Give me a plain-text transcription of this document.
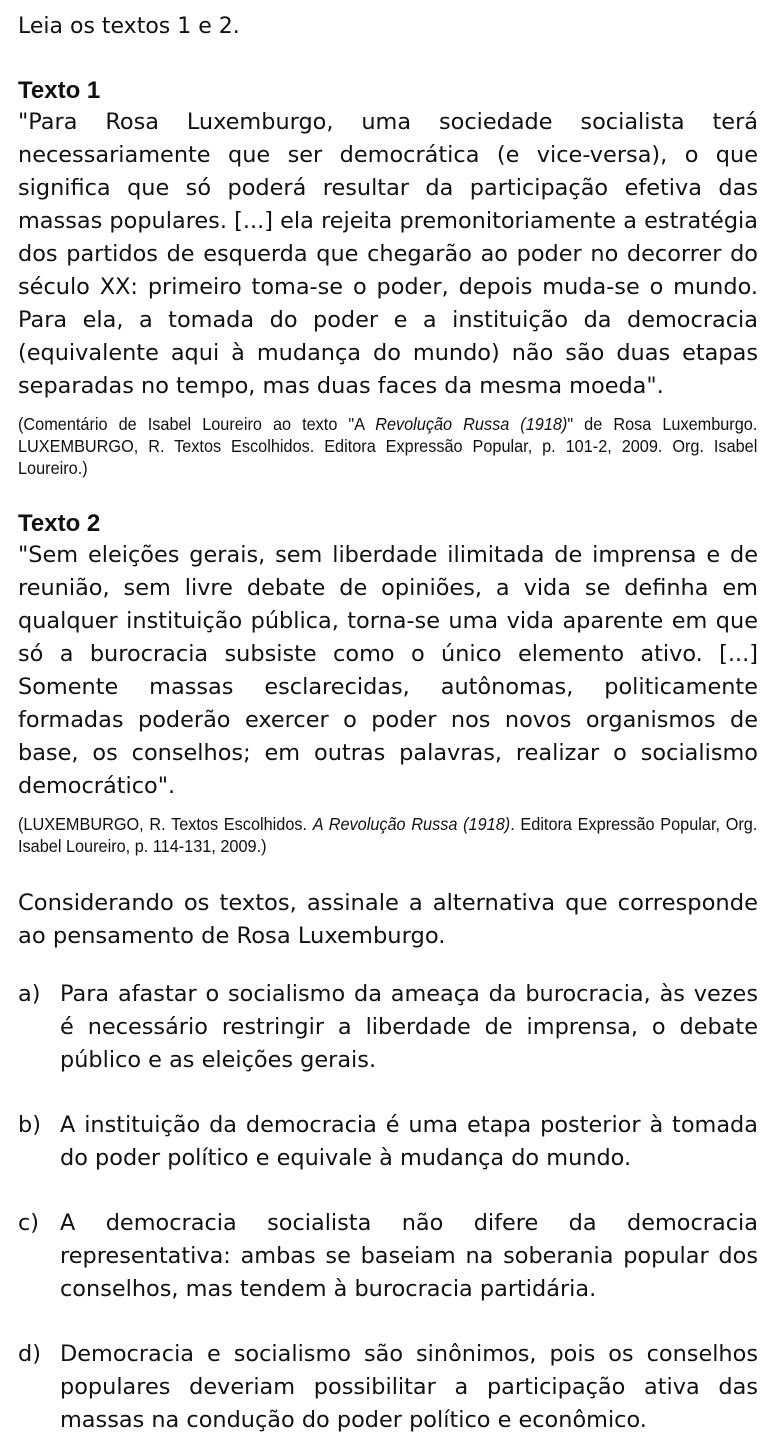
Leia os textos 1 e 2.

Texto 1

"Para Rosa Luxemburgo, uma sociedade socialista terá necessariamente que ser democrática (e vice-versa), o que significa que só poderá resultar da participação efetiva das massas populares. [...] ela rejeita premonitoriamente a estratégia dos partidos de esquerda que chegarão ao poder no decorrer do século XX: primeiro toma-se o poder, depois muda-se o mundo. Para ela, a tomada do poder e a instituição da democracia (equivalente aqui à mudança do mundo) não são duas etapas separadas no tempo, mas duas faces da mesma moeda".

(Comentário de Isabel Loureiro ao texto "A Revolução Russa (1918)" de Rosa Luxemburgo. LUXEMBURGO, R. Textos Escolhidos. Editora Expressão Popular, p. 101-2, 2009. Org. Isabel Loureiro.)

Texto 2

"Sem eleições gerais, sem liberdade ilimitada de imprensa e de reunião, sem livre debate de opiniões, a vida se definha em qualquer instituição pública, torna-se uma vida aparente em que só a burocracia subsiste como o único elemento ativo. [...] Somente massas esclarecidas, autônomas, politicamente formadas poderão exercer o poder nos novos organismos de base, os conselhos; em outras palavras, realizar o socialismo democrático".

(LUXEMBURGO, R. Textos Escolhidos. A Revolução Russa (1918). Editora Expressão Popular, Org. Isabel Loureiro, p. 114-131, 2009.)

Considerando os textos, assinale a alternativa que corresponde ao pensamento de Rosa Luxemburgo.

a) Para afastar o socialismo da ameaça da burocracia, às vezes é necessário restringir a liberdade de imprensa, o debate público e as eleições gerais.
b) A instituição da democracia é uma etapa posterior à tomada do poder político e equivale à mudança do mundo.
c) A democracia socialista não difere da democracia representativa: ambas se baseiam na soberania popular dos conselhos, mas tendem à burocracia partidária.
d) Democracia e socialismo são sinônimos, pois os conselhos populares deveriam possibilitar a participação ativa das massas na condução do poder político e econômico.
